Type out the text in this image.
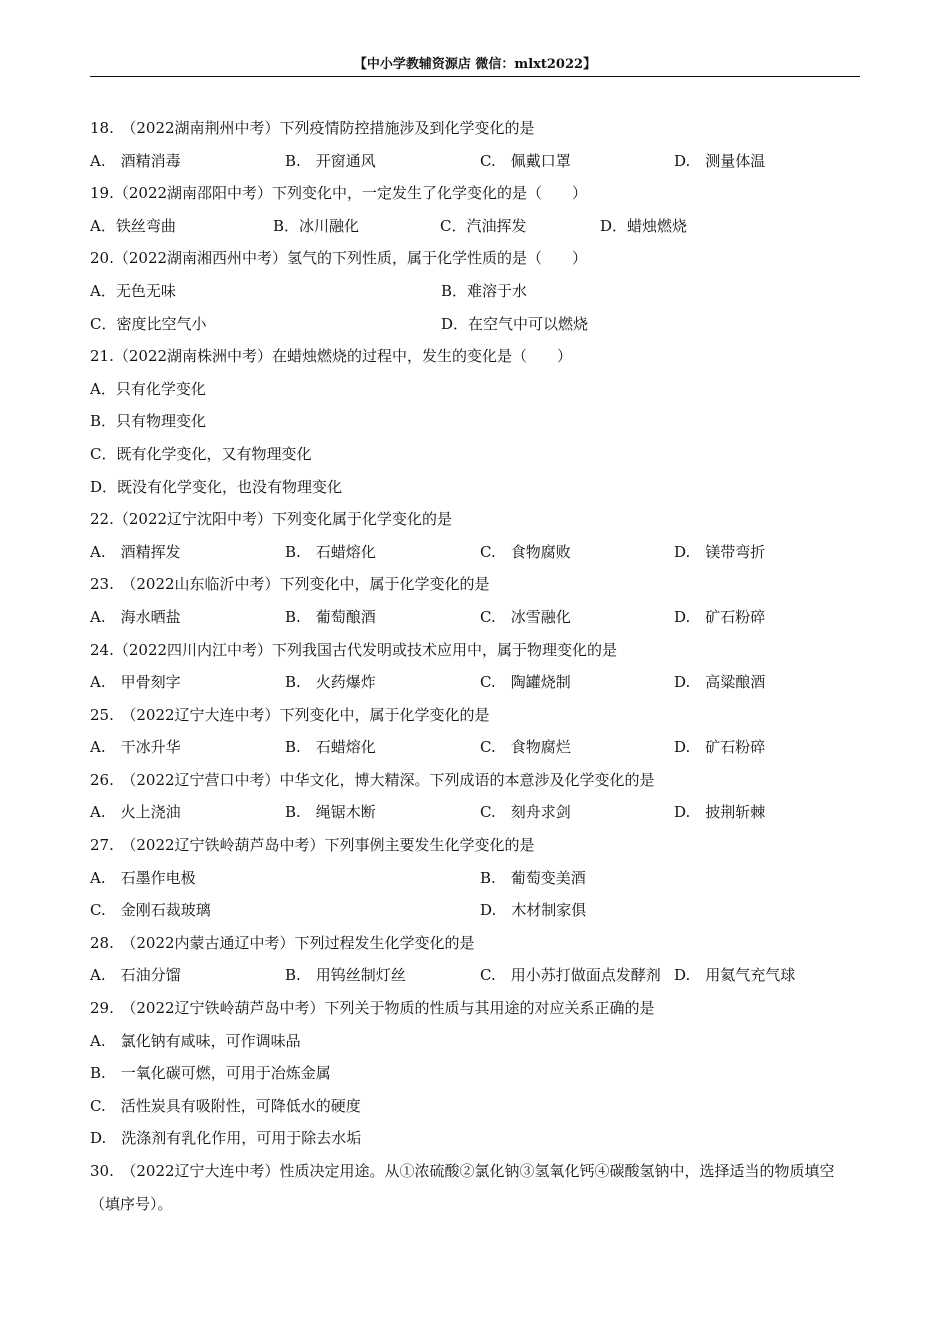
【中小学教辅资源店 微信：mlxt2022】
18.　（2022湖南荆州中考）下列疫情防控措施涉及到化学变化的是
A.　酒精消毒	B.　开窗通风	C.　佩戴口罩	D.　测量体温
19.（2022湖南邵阳中考）下列变化中，一定发生了化学变化的是（　　）
A．铁丝弯曲	B．冰川融化	C．汽油挥发	D．蜡烛燃烧
20.（2022湖南湘西州中考）氢气的下列性质，属于化学性质的是（　　）
A．无色无味	B．难溶于水
C．密度比空气小	D．在空气中可以燃烧
21.（2022湖南株洲中考）在蜡烛燃烧的过程中，发生的变化是（　　）
A．只有化学变化
B．只有物理变化
C．既有化学变化，又有物理变化
D．既没有化学变化，也没有物理变化
22.（2022辽宁沈阳中考）下列变化属于化学变化的是
A.　酒精挥发	B.　石蜡熔化	C.　食物腐败	D.　镁带弯折
23.　（2022山东临沂中考）下列变化中，属于化学变化的是
A.　海水晒盐	B.　葡萄酿酒	C.　冰雪融化	D.　矿石粉碎
24.（2022四川内江中考）下列我国古代发明或技术应用中，属于物理变化的是
A.　甲骨刻字	B.　火药爆炸	C.　陶罐烧制	D.　高粱酿酒
25.　（2022辽宁大连中考）下列变化中，属于化学变化的是
A.　干冰升华	B.　石蜡熔化	C.　食物腐烂	D.　矿石粉碎
26.　（2022辽宁营口中考）中华文化，博大精深。下列成语的本意涉及化学变化的是
A.　火上浇油	B.　绳锯木断	C.　刻舟求剑	D.　披荆斩棘
27.　（2022辽宁铁岭葫芦岛中考）下列事例主要发生化学变化的是
A.　石墨作电极	B.　葡萄变美酒
C.　金刚石裁玻璃	D.　木材制家俱
28.　（2022内蒙古通辽中考）下列过程发生化学变化的是
A.　石油分馏	B.　用钨丝制灯丝	C.　用小苏打做面点发酵剂 D.　用氦气充气球
29.　（2022辽宁铁岭葫芦岛中考）下列关于物质的性质与其用途的对应关系正确的是
A.　氯化钠有咸味，可作调味品
B.　一氧化碳可燃，可用于冶炼金属
C.　活性炭具有吸附性，可降低水的硬度
D.　洗涤剂有乳化作用，可用于除去水垢
30.　（2022辽宁大连中考）性质决定用途。从①浓硫酸②氯化钠③氢氧化钙④碳酸氢钠中，选择适当的物质填空（填序号）。
